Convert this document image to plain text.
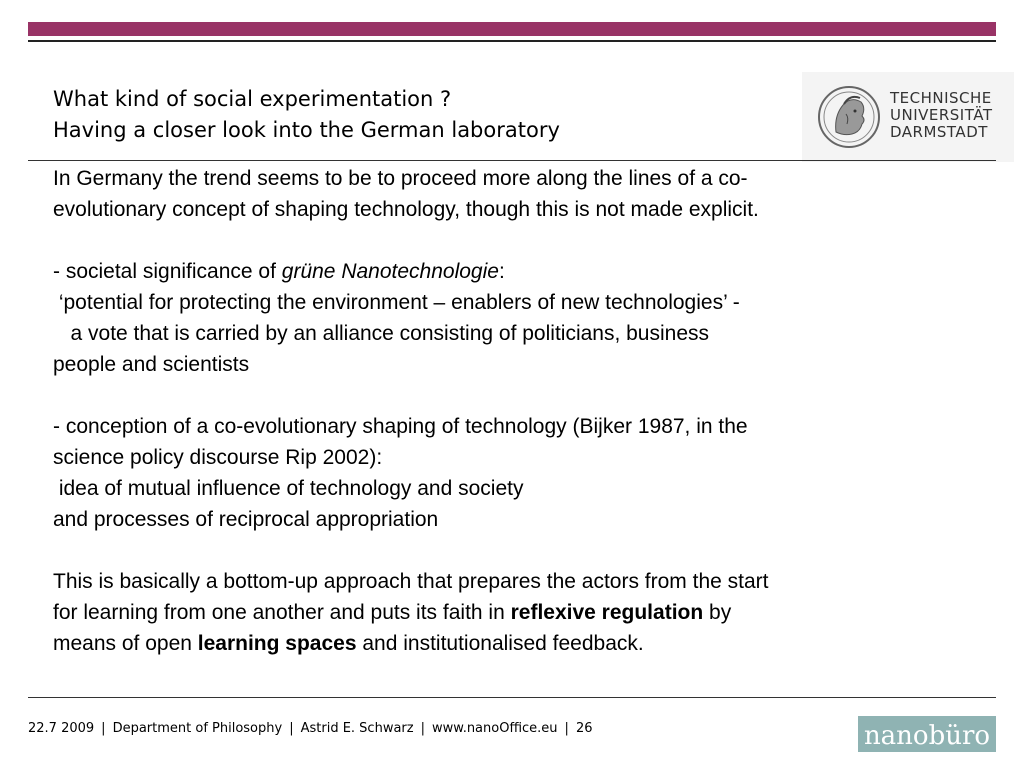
What kind of social experimentation ?
Having a closer look into the German laboratory
TECHNISCHE
UNIVERSITÄT
DARMSTADT
In Germany the trend seems to be to proceed more along the lines of a co-
evolutionary concept of shaping technology, though this is not made explicit.
- societal significance of grüne Nanotechnologie:
‘potential for protecting the environment – enablers of new technologies’ -
a vote that is carried by an alliance consisting of politicians, business
people and scientists
- conception of a co-evolutionary shaping of technology (Bijker 1987, in the
science policy discourse Rip 2002):
idea of mutual influence of technology and society
and processes of reciprocal appropriation
This is basically a bottom-up approach that prepares the actors from the start
for learning from one another and puts its faith in reflexive regulation by
means of open learning spaces and institutionalised feedback.
22.7 2009 | Department of Philosophy | Astrid E. Schwarz | www.nanoOffice.eu | 26	nanobüro
